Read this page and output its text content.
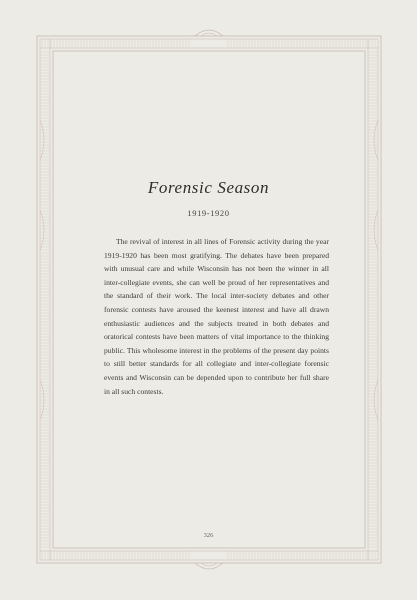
Forensic Season
1919-1920
The revival of interest in all lines of Forensic activity during the year 1919-1920 has been most gratifying. The debates have been prepared with unusual care and while Wisconsin has not been the winner in all inter-collegiate events, she can well be proud of her representatives and the standard of their work. The local inter-society debates and other forensic contests have aroused the keenest interest and have all drawn enthusiastic audiences and the subjects treated in both debates and oratorical contests have been matters of vital importance to the thinking public. This wholesome interest in the problems of the present day points to still better standards for all collegiate and inter-collegiate forensic events and Wisconsin can be depended upon to contribute her full share in all such contests.
326
